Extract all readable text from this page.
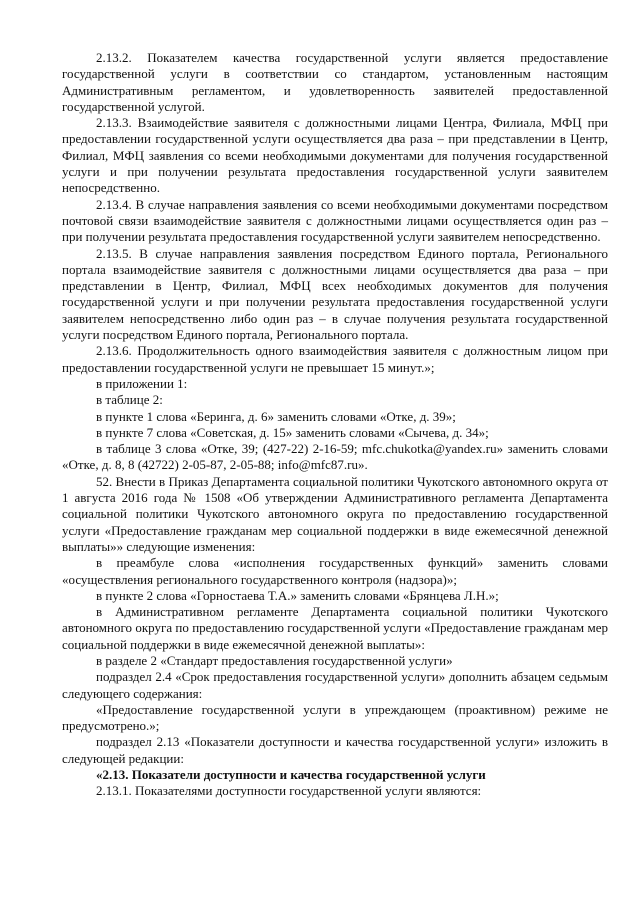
2.13.2. Показателем качества государственной услуги является предоставление государственной услуги в соответствии со стандартом, установленным настоящим Административным регламентом, и удовлетворенность заявителей предоставленной государственной услугой.

2.13.3. Взаимодействие заявителя с должностными лицами Центра, Филиала, МФЦ при предоставлении государственной услуги осуществляется два раза – при представлении в Центр, Филиал, МФЦ заявления со всеми необходимыми документами для получения государственной услуги и при получении результата предоставления государственной услуги заявителем непосредственно.

2.13.4. В случае направления заявления со всеми необходимыми документами посредством почтовой связи взаимодействие заявителя с должностными лицами осуществляется один раз – при получении результата предоставления государственной услуги заявителем непосредственно.

2.13.5. В случае направления заявления посредством Единого портала, Регионального портала взаимодействие заявителя с должностными лицами осуществляется два раза – при представлении в Центр, Филиал, МФЦ всех необходимых документов для получения государственной услуги и при получении результата предоставления государственной услуги заявителем непосредственно либо один раз – в случае получения результата государственной услуги посредством Единого портала, Регионального портала.

2.13.6. Продолжительность одного взаимодействия заявителя с должностным лицом при предоставлении государственной услуги не превышает 15 минут.»;

в приложении 1:

в таблице 2:

в пункте 1 слова «Беринга, д. 6» заменить словами «Отке, д. 39»;

в пункте 7 слова «Советская, д. 15» заменить словами «Сычева, д. 34»;

в таблице 3 слова «Отке, 39; (427-22) 2-16-59; mfc.chukotka@yandex.ru» заменить словами «Отке, д. 8, 8 (42722) 2-05-87, 2-05-88; info@mfc87.ru».

52. Внести в Приказ Департамента социальной политики Чукотского автономного округа от 1 августа 2016 года № 1508 «Об утверждении Административного регламента Департамента социальной политики Чукотского автономного округа по предоставлению государственной услуги «Предоставление гражданам мер социальной поддержки в виде ежемесячной денежной выплаты»» следующие изменения:

в преамбуле слова «исполнения государственных функций» заменить словами «осуществления регионального государственного контроля (надзора)»;

в пункте 2 слова «Горностаева Т.А.» заменить словами «Брянцева Л.Н.»;

в Административном регламенте Департамента социальной политики Чукотского автономного округа по предоставлению государственной услуги «Предоставление гражданам мер социальной поддержки в виде ежемесячной денежной выплаты»:

в разделе 2 «Стандарт предоставления государственной услуги»

подраздел 2.4 «Срок предоставления государственной услуги» дополнить абзацем седьмым следующего содержания:

«Предоставление государственной услуги в упреждающем (проактивном) режиме не предусмотрено.»;

подраздел 2.13 «Показатели доступности и качества государственной услуги» изложить в следующей редакции:

«2.13. Показатели доступности и качества государственной услуги

2.13.1. Показателями доступности государственной услуги являются:
